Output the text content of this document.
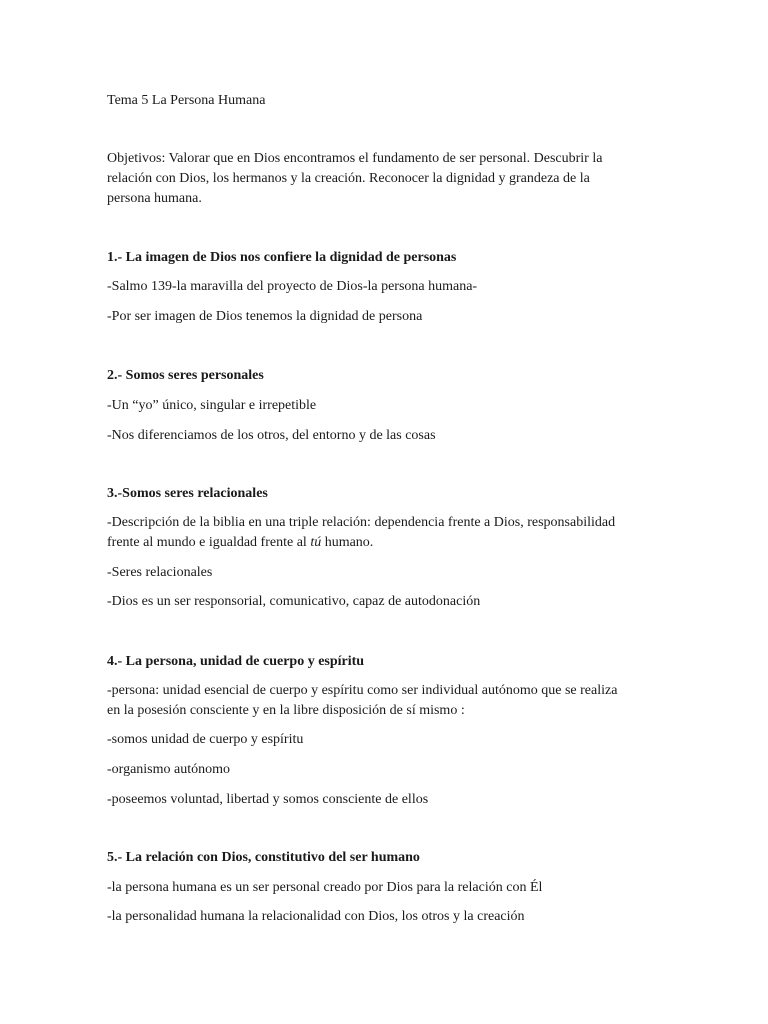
Tema 5 La Persona Humana
Objetivos: Valorar que en Dios encontramos el fundamento de ser personal. Descubrir la
relación con Dios, los hermanos y la creación. Reconocer la dignidad y grandeza de la
persona humana.
1.- La imagen de Dios nos confiere la dignidad de personas
-Salmo 139-la maravilla del proyecto de Dios-la persona humana-
-Por ser imagen de Dios tenemos la dignidad de persona
2.- Somos seres personales
-Un “yo” único, singular e irrepetible
-Nos diferenciamos de los otros, del entorno y de las cosas
3.-Somos seres relacionales
-Descripción de la biblia en una triple relación: dependencia frente a Dios, responsabilidad
frente al mundo e igualdad frente al tú humano.
-Seres relacionales
-Dios es un ser responsorial, comunicativo, capaz de autodonación
4.- La persona, unidad de cuerpo y espíritu
-persona: unidad esencial de cuerpo y espíritu como ser individual autónomo que se realiza
en la posesión consciente y en la libre disposición de sí mismo :
-somos unidad de cuerpo y espíritu
-organismo autónomo
-poseemos voluntad, libertad y somos consciente de ellos
5.- La relación con Dios, constitutivo del ser humano
-la persona humana es un ser personal creado por Dios para la relación con Él
-la personalidad humana la relacionalidad con Dios, los otros y la creación
